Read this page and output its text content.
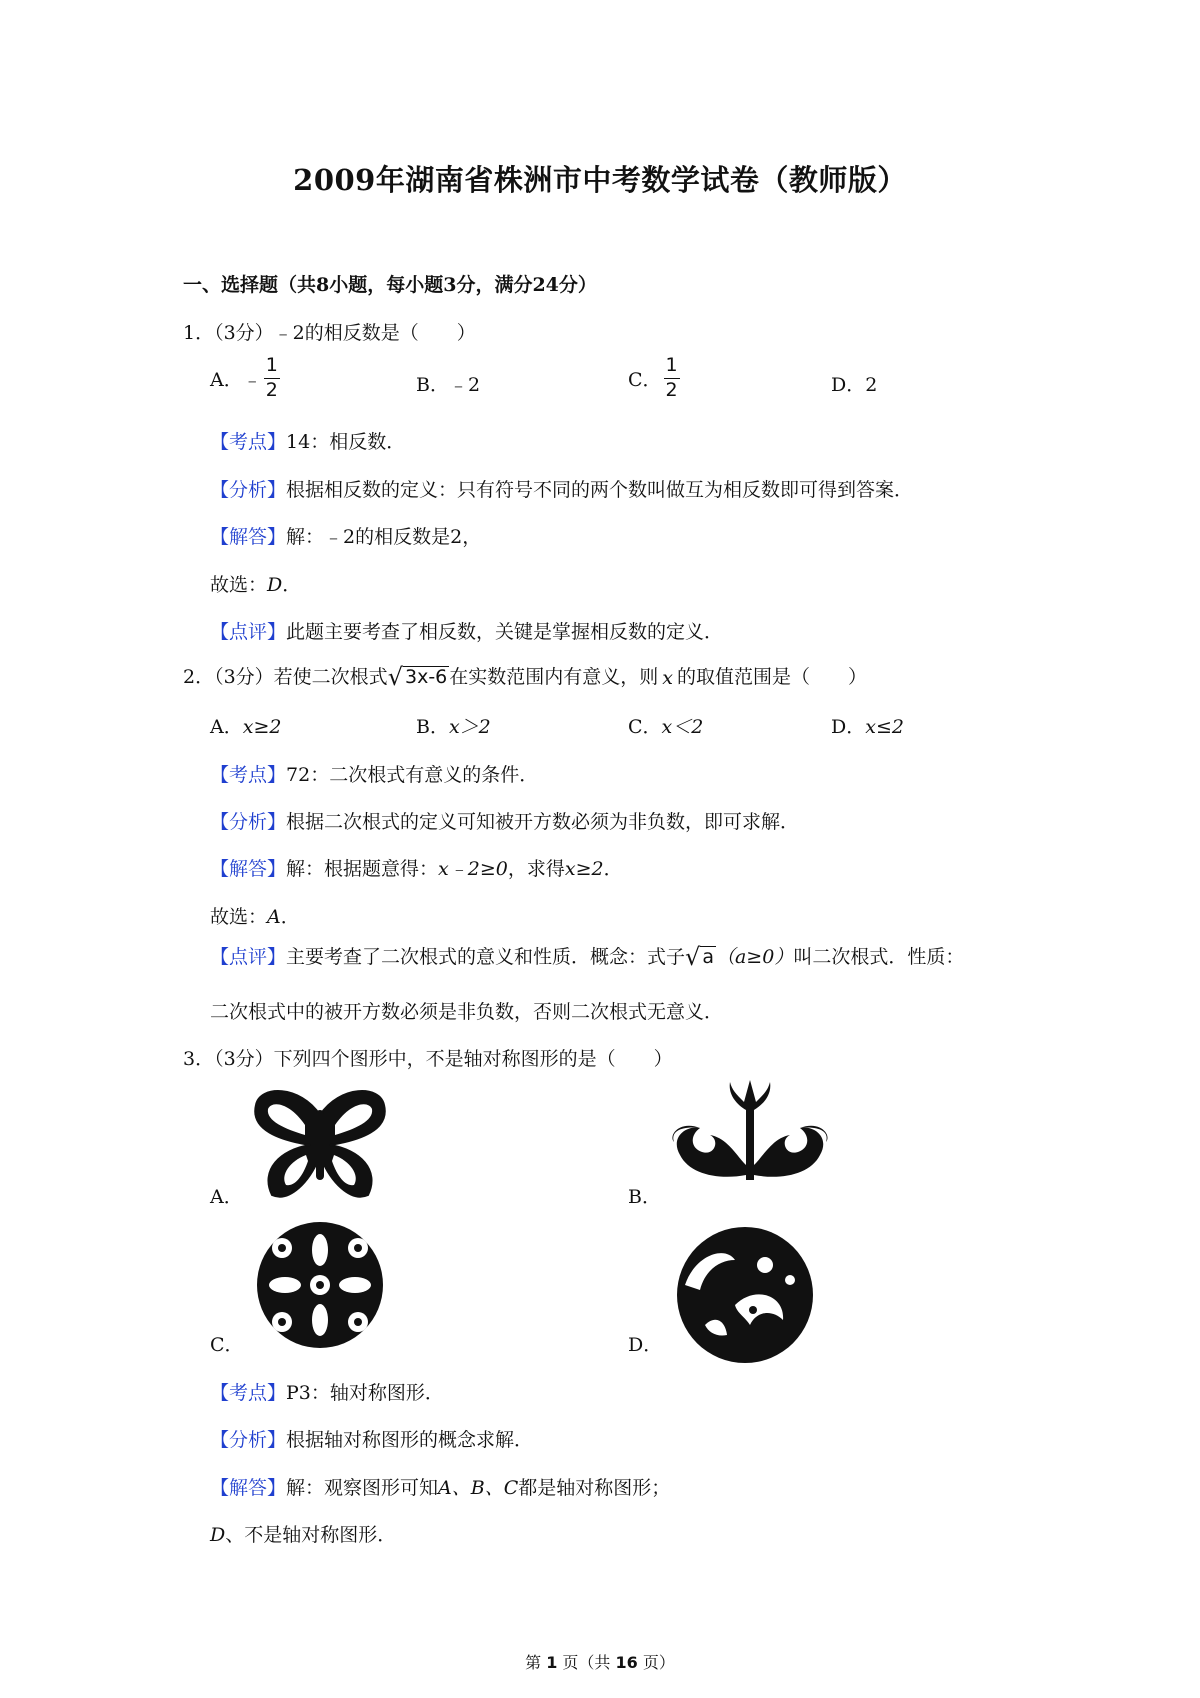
2009年湖南省株洲市中考数学试卷（教师版）
一、选择题（共8小题，每小题3分，满分24分）
1．（3分）﹣2的相反数是（　　）
A． ﹣ $\frac{1}{2}$	B．﹣2	C． $\frac{1}{2}$	D．2
【考点】14：相反数．
【分析】根据相反数的定义：只有符号不同的两个数叫做互为相反数即可得到答案．
【解答】解：﹣2的相反数是2，
故选：D．
【点评】此题主要考查了相反数，关键是掌握相反数的定义．
2．（3分）若使二次根式 √ 3x-6 在实数范围内有意义，则 x 的取值范围是（　　）
A．x≥2	B．x＞2	C．x＜2	D．x≤2
【考点】72：二次根式有意义的条件．
【分析】根据二次根式的定义可知被开方数必须为非负数，即可求解．
【解答】解：根据题意得：x﹣2≥0，求得x≥2．
故选：A．
【点评】 主要考查了二次根式的意义和性质．概念：式子 √ a （a≥0） 叫二次根式．性质：
二次根式中的被开方数必须是非负数，否则二次根式无意义．
3．（3分）下列四个图形中，不是轴对称图形的是（　　）
A．	B．
C．	D．
【考点】P3：轴对称图形．
【分析】根据轴对称图形的概念求解．
【解答】解：观察图形可知A、B、C都是轴对称图形；
D、不是轴对称图形．
第 1 页（共 16 页）
